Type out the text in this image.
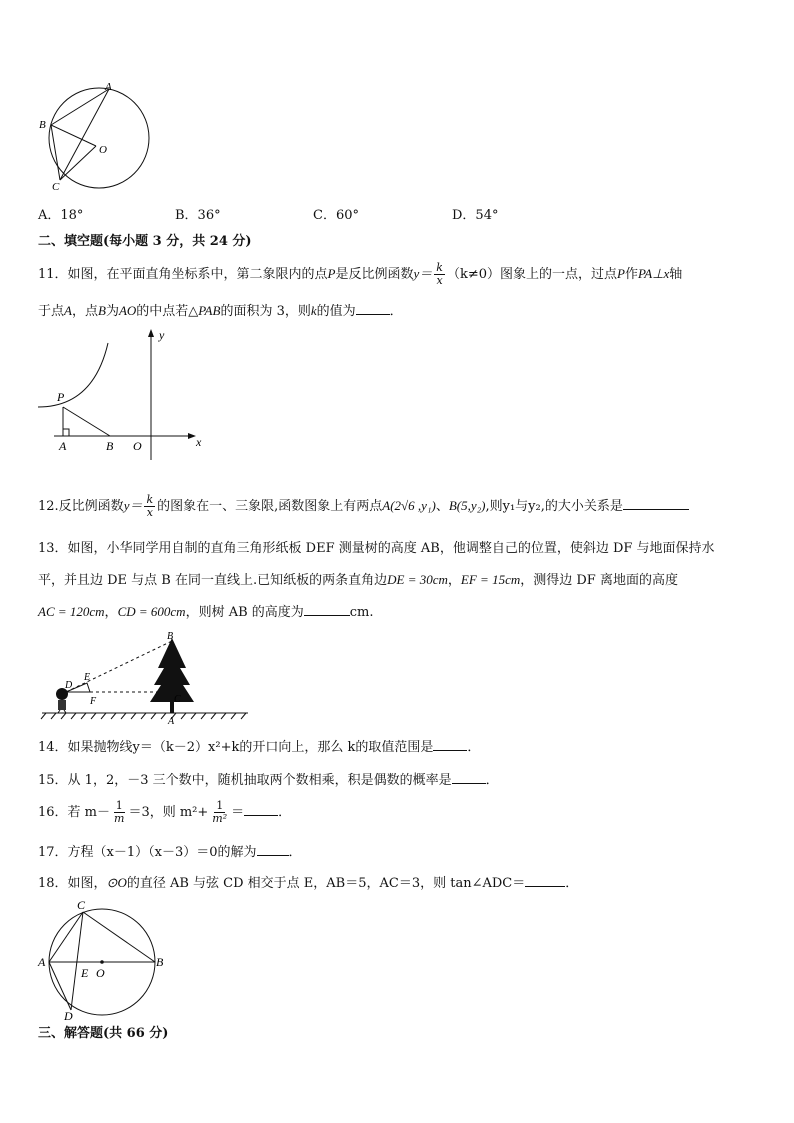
A
B
O
C
A．18°	B．36°	C．60°	D．54°
二、填空题(每小题 3 分，共 24 分)
11．如图，在平面直角坐标系中，第二象限内的点P是反比例函数$y= \frac{k}{x} (k\ne 0)$图象上的一点，过点P作PA⊥x轴
于点A，点B为AO的中点若△PAB的面积为 3，则k的值为	．
y
P
A	B O	x
12.反比例函数$y= \frac{k}{x}$ 的图象在一、三象限,函数图象上有两点A(2√6 ,y₁)、B(5,y₂),则y₁与y₂,的大小关系是
13．如图，小华同学用自制的直角三角形纸板 DEF 测量树的高度 AB，他调整自己的位置，使斜边 DF 与地面保持水
平，并且边 DE 与点 B 在同一直线上.已知纸板的两条直角边DE = 30cm，EF = 15cm，测得边 DF 离地面的高度
AC = 120cm，CD = 600cm，则树 AB 的高度为	cm.
B
E
D
F	C
A
14．如果抛物线y＝（k－2）x²+k的开口向上，那么 k的取值范围是	．
15．从 1，2，－3 三个数中，随机抽取两个数相乘，积是偶数的概率是	．
16．若 $m- \frac{1}{m} =3$，则 $m^2+ \frac{1}{\text{m²}}$ ＝	．
17．方程（x－1）（x－3）＝0的解为 ．
18．如图，⊙O的直径 AB 与弦 CD 相交于点 E，AB＝5，AC＝3，则 tan∠ADC＝	．
C
A
E O
B
D
三、解答题(共 66 分)
